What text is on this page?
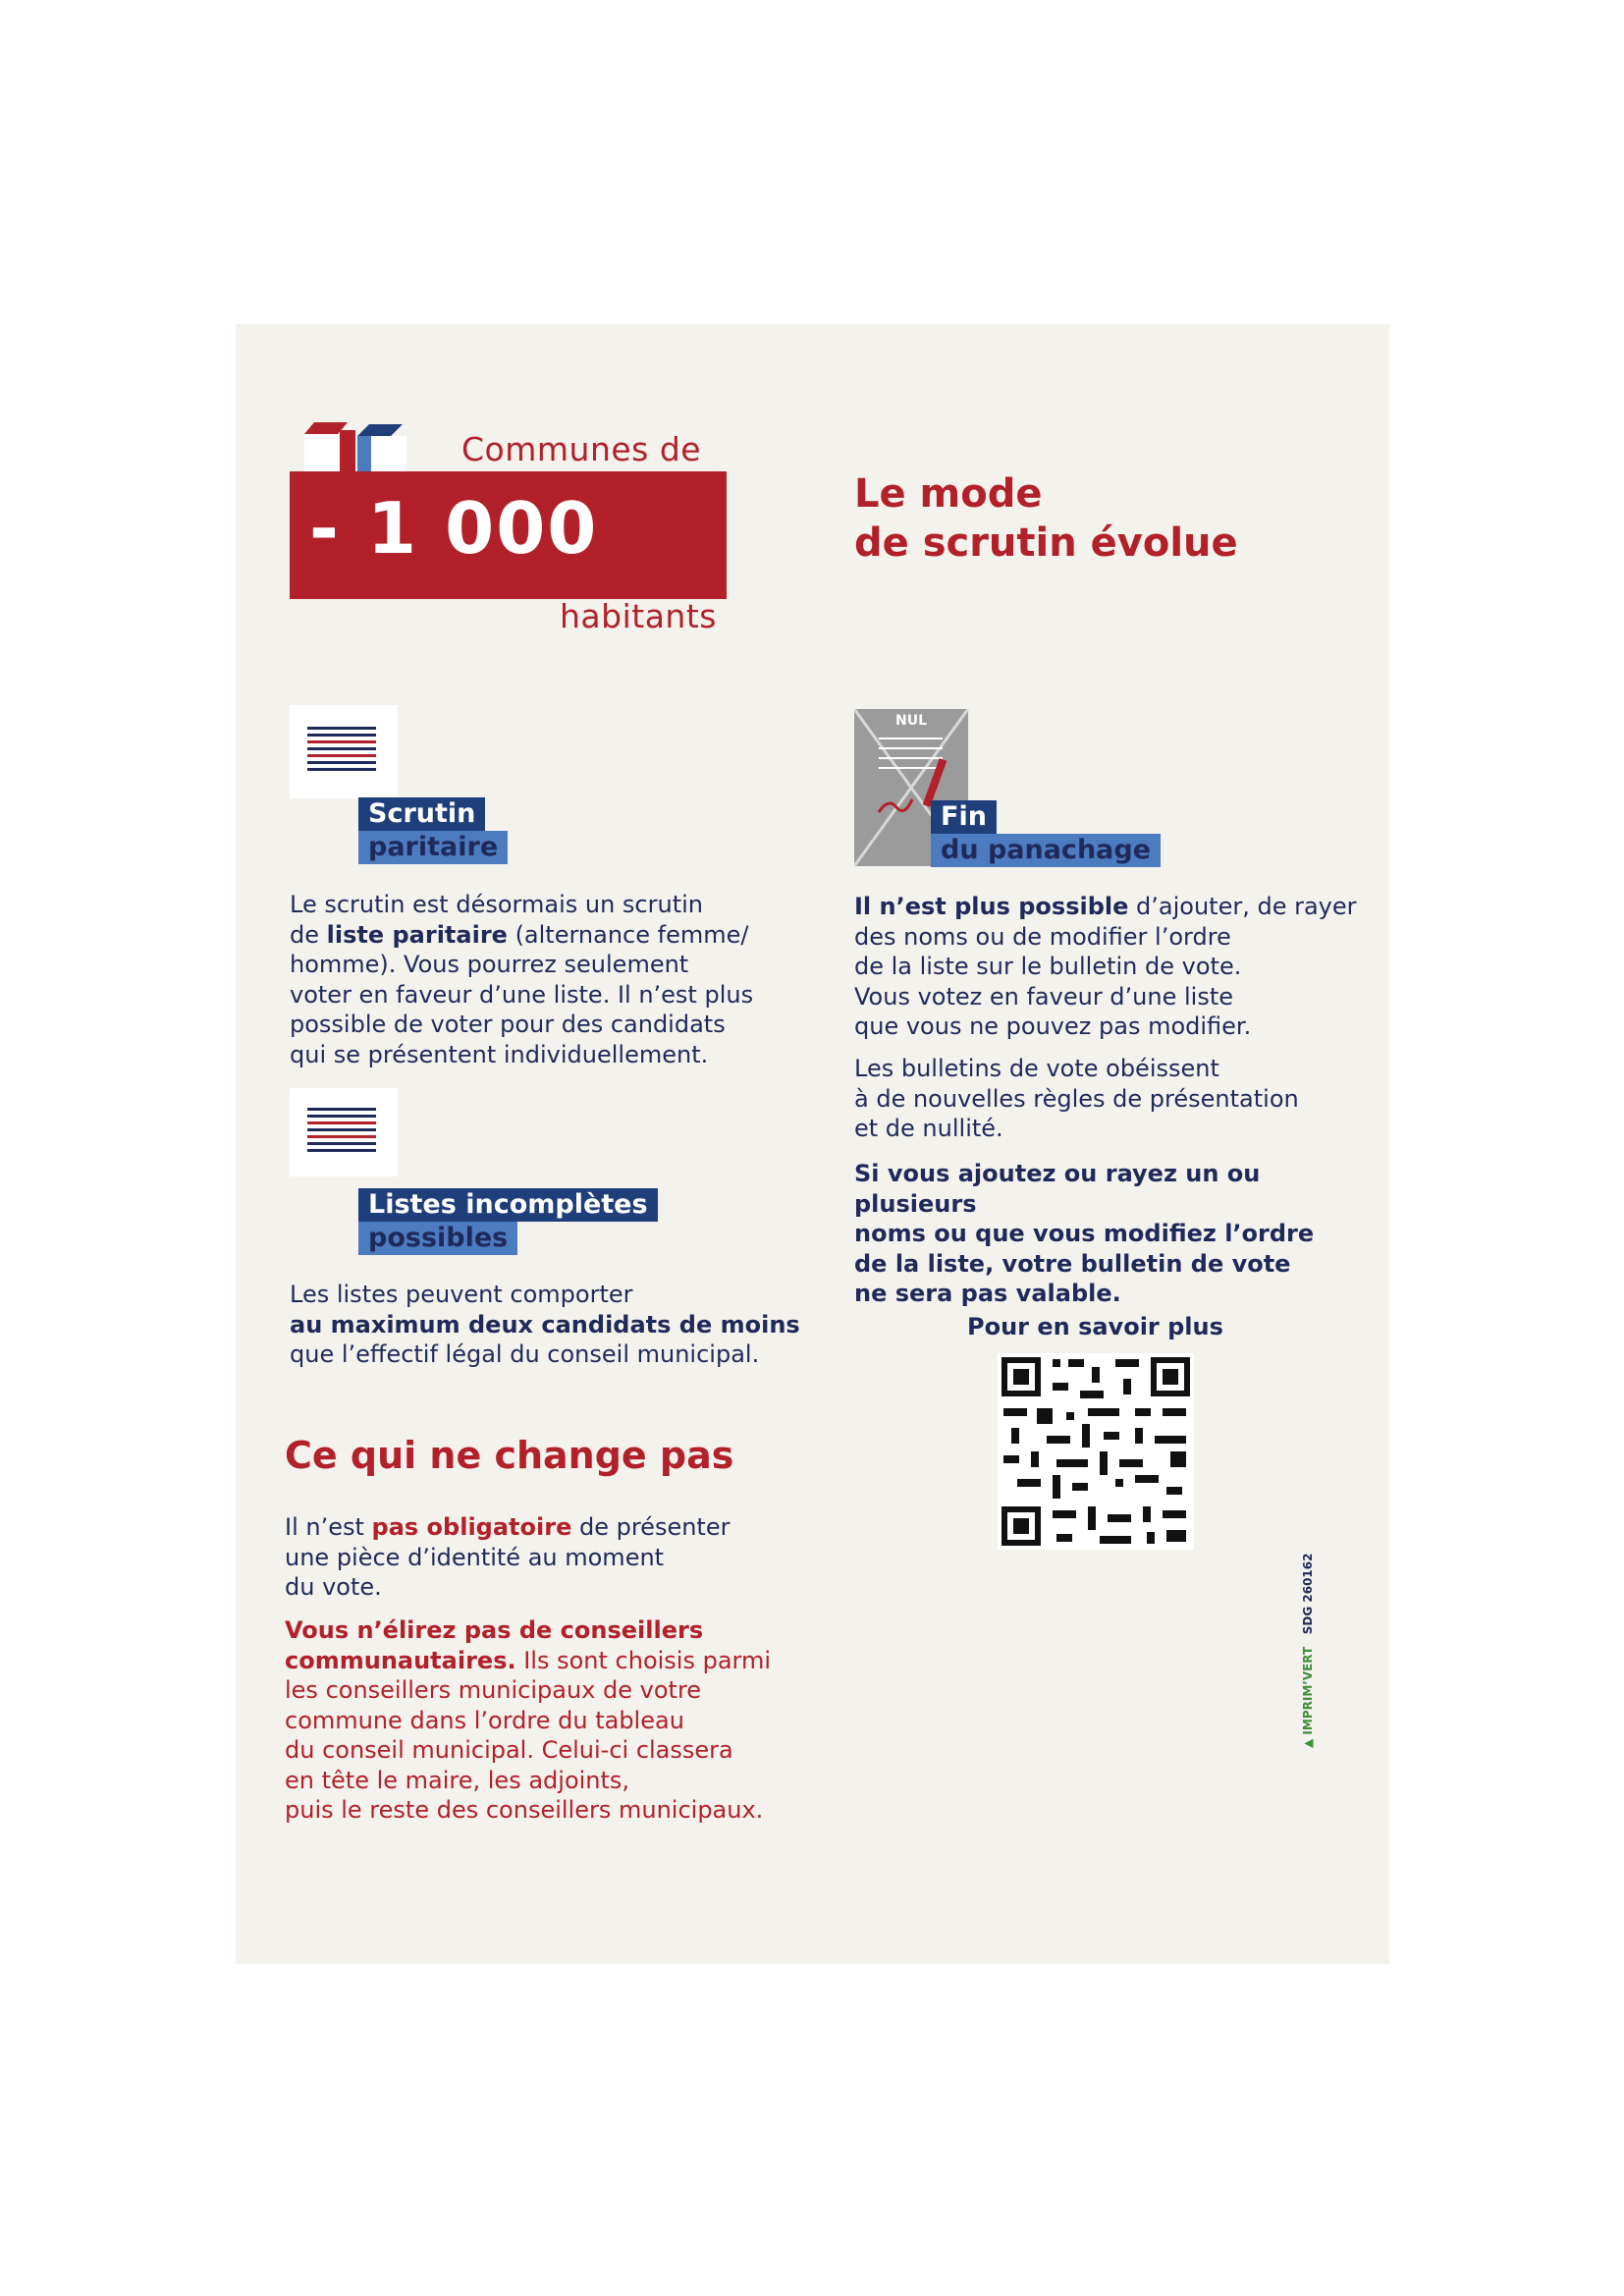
Communes de
- 1 000
habitants
Le mode
de scrutin évolue
Scrutin
paritaire
Le scrutin est désormais un scrutin
de liste paritaire (alternance femme/
homme). Vous pourrez seulement
voter en faveur d’une liste. Il n’est plus
possible de voter pour des candidats
qui se présentent individuellement.
Listes incomplètes
possibles
Les listes peuvent comporter
au maximum deux candidats de moins
que l’effectif légal du conseil municipal.
NUL
Fin
du panachage
Il n’est plus possible d’ajouter, de rayer
des noms ou de modifier l’ordre
de la liste sur le bulletin de vote.
Vous votez en faveur d’une liste
que vous ne pouvez pas modifier.
Les bulletins de vote obéissent
à de nouvelles règles de présentation
et de nullité.
Si vous ajoutez ou rayez un ou plusieurs
noms ou que vous modifiez l’ordre
de la liste, votre bulletin de vote
ne sera pas valable.
Pour en savoir plus
Ce qui ne change pas
Il n’est pas obligatoire de présenter
une pièce d’identité au moment
du vote.
Vous n’élirez pas de conseillers
communautaires. Ils sont choisis parmi
les conseillers municipaux de votre
commune dans l’ordre du tableau
du conseil municipal. Celui-ci classera
en tête le maire, les adjoints,
puis le reste des conseillers municipaux.
▲ IMPRIM’VERT   SDG 260162
